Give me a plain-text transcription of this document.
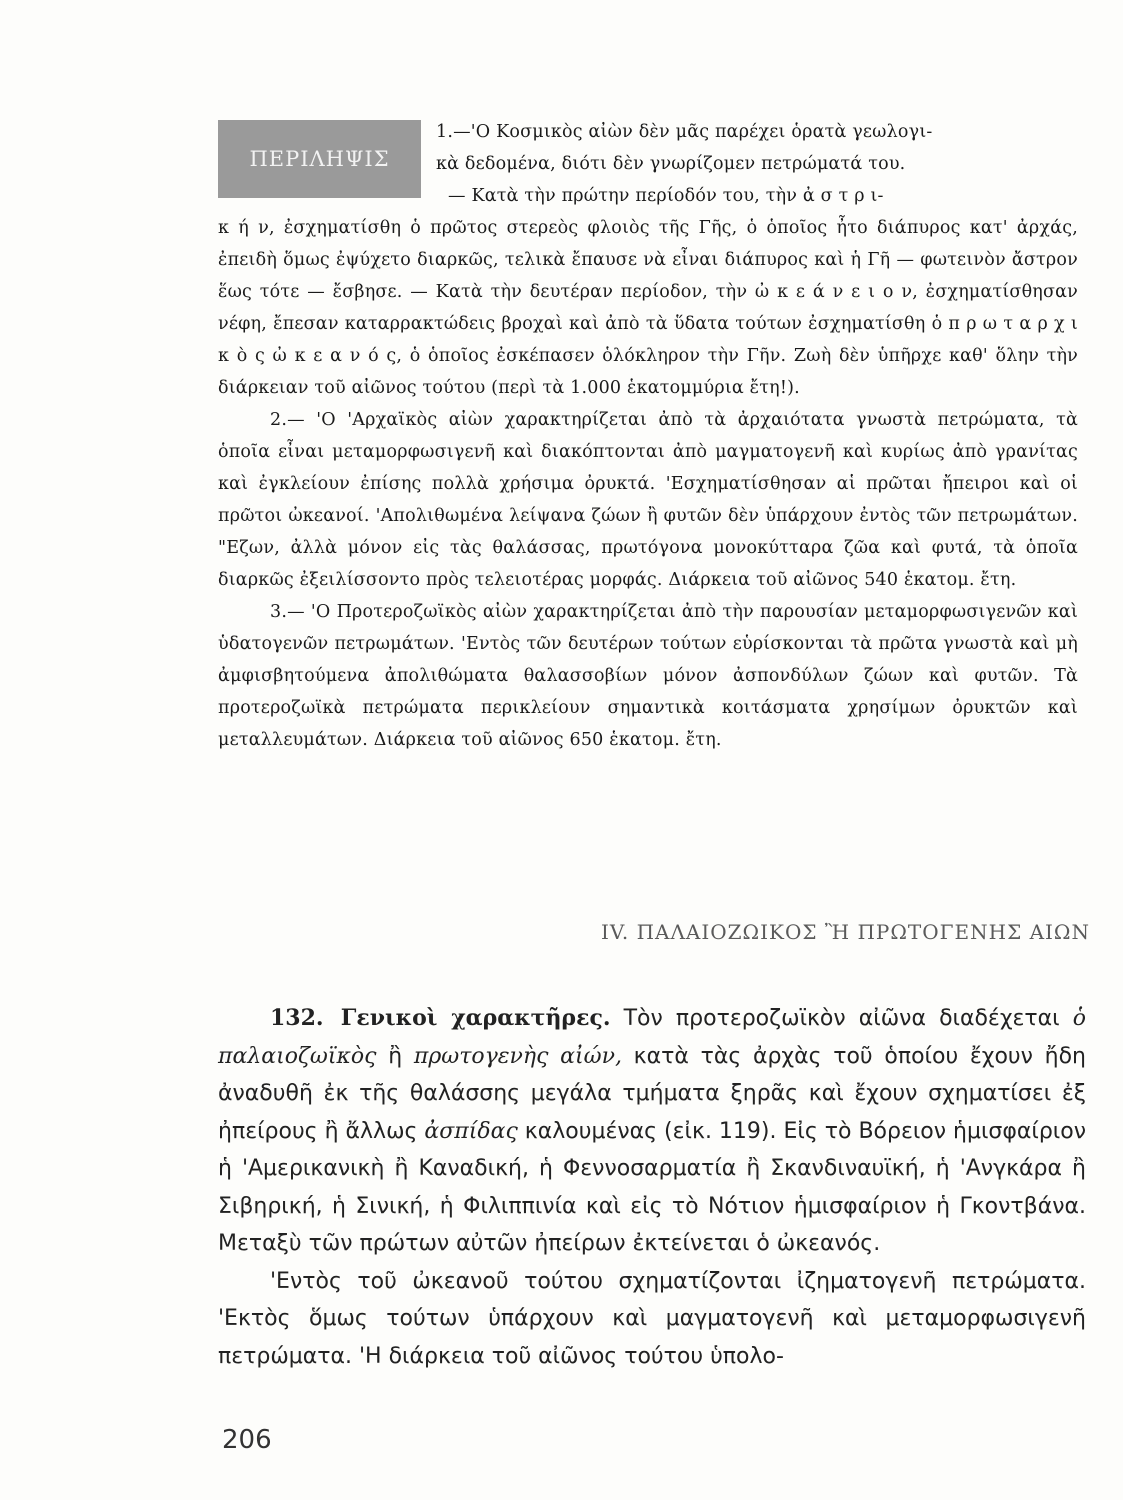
ΠΕΡΙΛΗΨΙΣ

1.—'Ο Κοσμικὸς αἰὼν δὲν μᾶς παρέχει ὁρατὰ γεωλογι-
κὰ δεδομένα, διότι δὲν γνωρίζομεν πετρώματά του.
— Κατὰ τὴν πρώτην περίοδόν του, τὴν ἀ σ τ ρ ι-
κ ή ν, ἐσχηματίσθη ὁ πρῶτος στερεὸς φλοιὸς τῆς Γῆς, ὁ ὁποῖος ἦτο διάπυρος κατ' ἀρχάς, ἐπειδὴ ὅμως ἐψύχετο διαρκῶς, τελικὰ ἔπαυσε νὰ εἶναι διάπυρος καὶ ἡ Γῆ — φωτεινὸν ἄστρον ἕως τότε — ἔσβησε. — Κατὰ τὴν δευτέραν περίοδον, τὴν ὠ κ ε ά ν ε ι ο ν, ἐσχηματίσθησαν νέφη, ἔπεσαν καταρρακτώδεις βροχαὶ καὶ ἀπὸ τὰ ὕδατα τούτων ἐσχηματίσθη ὁ π ρ ω τ α ρ χ ι κ ὸ ς ὠ κ ε α ν ό ς, ὁ ὁποῖος ἐσκέπασεν ὁλόκληρον τὴν Γῆν. Ζωὴ δὲν ὑπῆρχε καθ' ὅλην τὴν διάρκειαν τοῦ αἰῶνος τούτου (περὶ τὰ 1.000 ἑκατομμύρια ἔτη!).

2.— 'Ο 'Αρχαϊκὸς αἰὼν χαρακτηρίζεται ἀπὸ τὰ ἀρχαιότατα γνωστὰ πετρώματα, τὰ ὁποῖα εἶναι μεταμορφωσιγενῆ καὶ διακόπτονται ἀπὸ μαγματογενῆ καὶ κυρίως ἀπὸ γρανίτας καὶ ἐγκλείουν ἐπίσης πολλὰ χρήσιμα ὀρυκτά. 'Εσχηματίσθησαν αἱ πρῶται ἤπειροι καὶ οἱ πρῶτοι ὠκεανοί. 'Απολιθωμένα λείψανα ζώων ἢ φυτῶν δὲν ὑπάρχουν ἐντὸς τῶν πετρωμάτων. "Εζων, ἀλλὰ μόνον εἰς τὰς θαλάσσας, πρωτόγονα μονοκύτταρα ζῶα καὶ φυτά, τὰ ὁποῖα διαρκῶς ἐξειλίσσοντο πρὸς τελειοτέρας μορφάς. Διάρκεια τοῦ αἰῶνος 540 ἑκατομ. ἔτη.

3.— 'Ο Προτεροζωϊκὸς αἰὼν χαρακτηρίζεται ἀπὸ τὴν παρουσίαν μεταμορφωσιγενῶν καὶ ὑδατογενῶν πετρωμάτων. 'Εντὸς τῶν δευτέρων τούτων εὑρίσκονται τὰ πρῶτα γνωστὰ καὶ μὴ ἀμφισβητούμενα ἀπολιθώματα θαλασσοβίων μόνον ἀσπονδύλων ζώων καὶ φυτῶν. Τὰ προτεροζωϊκὰ πετρώματα περικλείουν σημαντικὰ κοιτάσματα χρησίμων ὀρυκτῶν καὶ μεταλλευμάτων. Διάρκεια τοῦ αἰῶνος 650 ἑκατομ. ἔτη.

IV. ΠΑΛΑΙΟΖΩΙΚΟΣ Ἢ ΠΡΩΤΟΓΕΝΗΣ ΑΙΩΝ

132. Γενικοὶ χαρακτῆρες. Τὸν προτεροζωϊκὸν αἰῶνα διαδέχεται ὁ παλαιοζωϊκὸς ἢ πρωτογενὴς αἰών, κατὰ τὰς ἀρχὰς τοῦ ὁποίου ἔχουν ἤδη ἀναδυθῆ ἐκ τῆς θαλάσσης μεγάλα τμήματα ξηρᾶς καὶ ἔχουν σχηματίσει ἐξ ἠπείρους ἢ ἄλλως ἀσπίδας καλουμένας (εἰκ. 119). Εἰς τὸ Βόρειον ἡμισφαίριον ἡ 'Αμερικανικὴ ἢ Καναδική, ἡ Φεννοσαρματία ἢ Σκανδιναυϊκή, ἡ 'Ανγκάρα ἢ Σιβηρική, ἡ Σινική, ἡ Φιλιππινία καὶ εἰς τὸ Νότιον ἡμισφαίριον ἡ Γκοντβάνα. Μεταξὺ τῶν πρώτων αὐτῶν ἠπείρων ἐκτείνεται ὁ ὠκεανός.

'Εντὸς τοῦ ὠκεανοῦ τούτου σχηματίζονται ἰζηματογενῆ πετρώματα. 'Εκτὸς ὅμως τούτων ὑπάρχουν καὶ μαγματογενῆ καὶ μεταμορφωσιγενῆ πετρώματα. 'Η διάρκεια τοῦ αἰῶνος τούτου ὑπολο-

206
